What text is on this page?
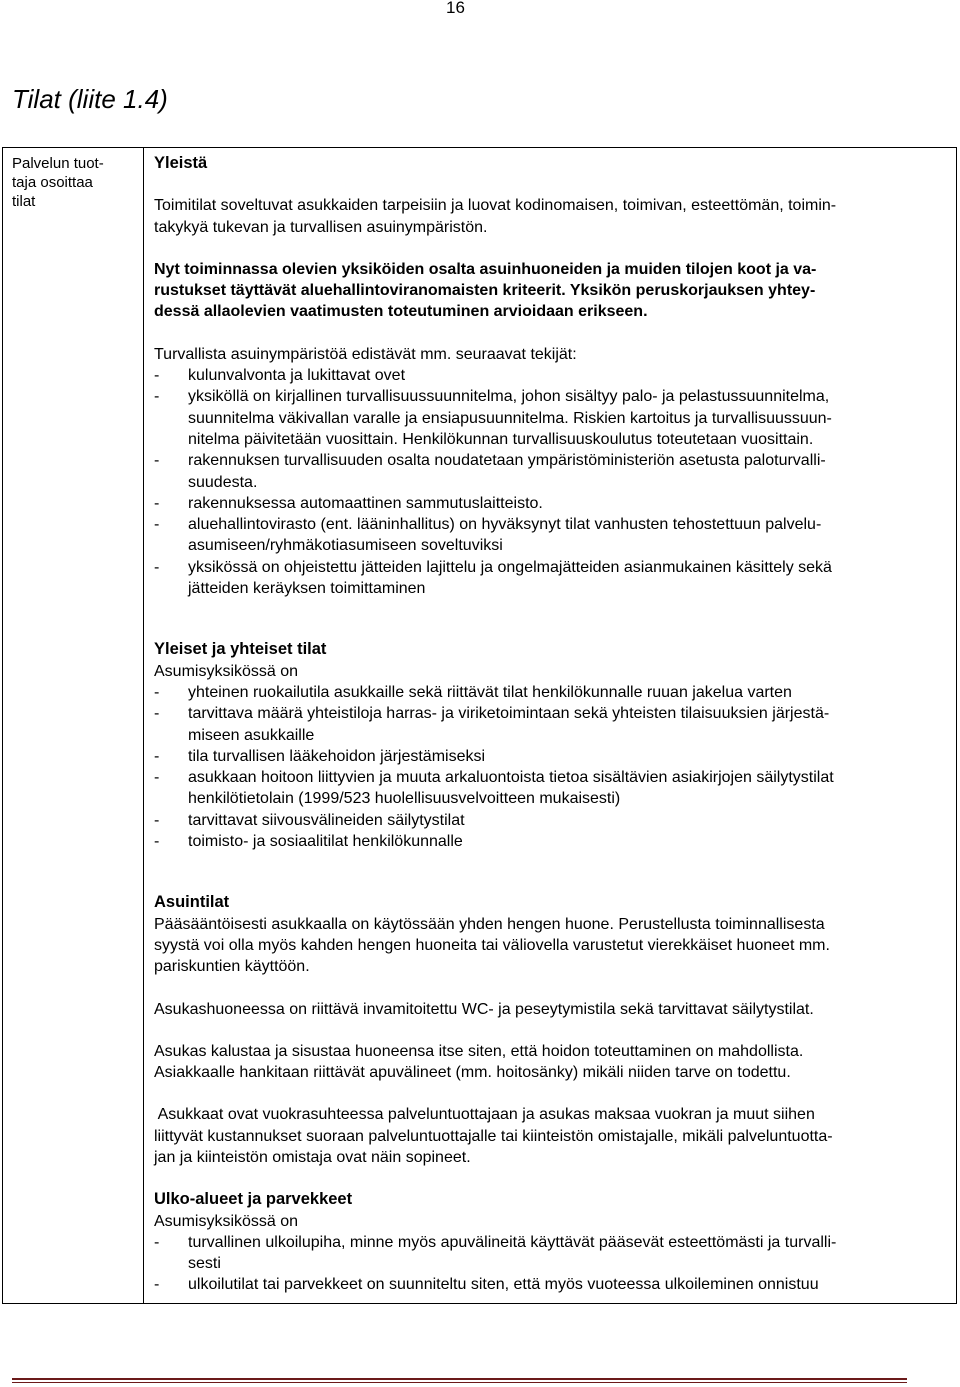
16
Tilat (liite 1.4)
Palvelun tuot-
taja osoittaa
tilat

Yleistä

Toimitilat soveltuvat asukkaiden tarpeisiin ja luovat kodinomaisen, toimivan, esteettömän, toimin-

takykyä tukevan ja turvallisen asuinympäristön.

Nyt toiminnassa olevien yksiköiden osalta asuinhuoneiden ja muiden tilojen koot ja va-

rustukset täyttävät aluehallintoviranomaisten kriteerit. Yksikön peruskorjauksen yhtey-

dessä allaolevien vaatimusten toteutuminen arvioidaan erikseen.

Turvallista asuinympäristöä edistävät mm. seuraavat tekijät:

- kulunvalvonta ja lukittavat ovet
- yksiköllä on kirjallinen turvallisuussuunnitelma, johon sisältyy palo- ja pelastussuunnitelma,
suunnitelma väkivallan varalle ja ensiapusuunnitelma. Riskien kartoitus ja turvallisuussuun-
nitelma päivitetään vuosittain. Henkilökunnan turvallisuuskoulutus toteutetaan vuosittain.
- rakennuksen turvallisuuden osalta noudatetaan ympäristöministeriön asetusta paloturvalli-
suudesta.
- rakennuksessa automaattinen sammutuslaitteisto.
- aluehallintovirasto (ent. lääninhallitus) on hyväksynyt tilat vanhusten tehostettuun palvelu-
asumiseen/ryhmäkotiasumiseen soveltuviksi
- yksikössä on ohjeistettu jätteiden lajittelu ja ongelmajätteiden asianmukainen käsittely sekä
jätteiden keräyksen toimittaminen

Yleiset ja yhteiset tilat

Asumisyksikössä on

- yhteinen ruokailutila asukkaille sekä riittävät tilat henkilökunnalle ruuan jakelua varten
- tarvittava määrä yhteistiloja harras- ja viriketoimintaan sekä yhteisten tilaisuuksien järjestä-
miseen asukkaille
- tila turvallisen lääkehoidon järjestämiseksi
- asukkaan hoitoon liittyvien ja muuta arkaluontoista tietoa sisältävien asiakirjojen säilytystilat
henkilötietolain (1999/523 huolellisuusvelvoitteen mukaisesti)
- tarvittavat siivousvälineiden säilytystilat
- toimisto- ja sosiaalitilat henkilökunnalle

Asuintilat

Pääsääntöisesti asukkaalla on käytössään yhden hengen huone. Perustellusta toiminnallisesta

syystä voi olla myös kahden hengen huoneita tai väliovella varustetut vierekkäiset huoneet mm.

pariskuntien käyttöön.

Asukashuoneessa on riittävä invamitoitettu WC- ja peseytymistila sekä tarvittavat säilytystilat.

Asukas kalustaa ja sisustaa huoneensa itse siten, että hoidon toteuttaminen on mahdollista.

Asiakkaalle hankitaan riittävät apuvälineet (mm. hoitosänky) mikäli niiden tarve on todettu.

Asukkaat ovat vuokrasuhteessa palveluntuottajaan ja asukas maksaa vuokran ja muut siihen

liittyvät kustannukset suoraan palveluntuottajalle tai kiinteistön omistajalle, mikäli palveluntuotta-

jan ja kiinteistön omistaja ovat näin sopineet.

Ulko-alueet ja parvekkeet

Asumisyksikössä on

- turvallinen ulkoilupiha, minne myös apuvälineitä käyttävät pääsevät esteettömästi ja turvalli-
sesti
- ulkoilutilat tai parvekkeet on suunniteltu siten, että myös vuoteessa ulkoileminen onnistuu
